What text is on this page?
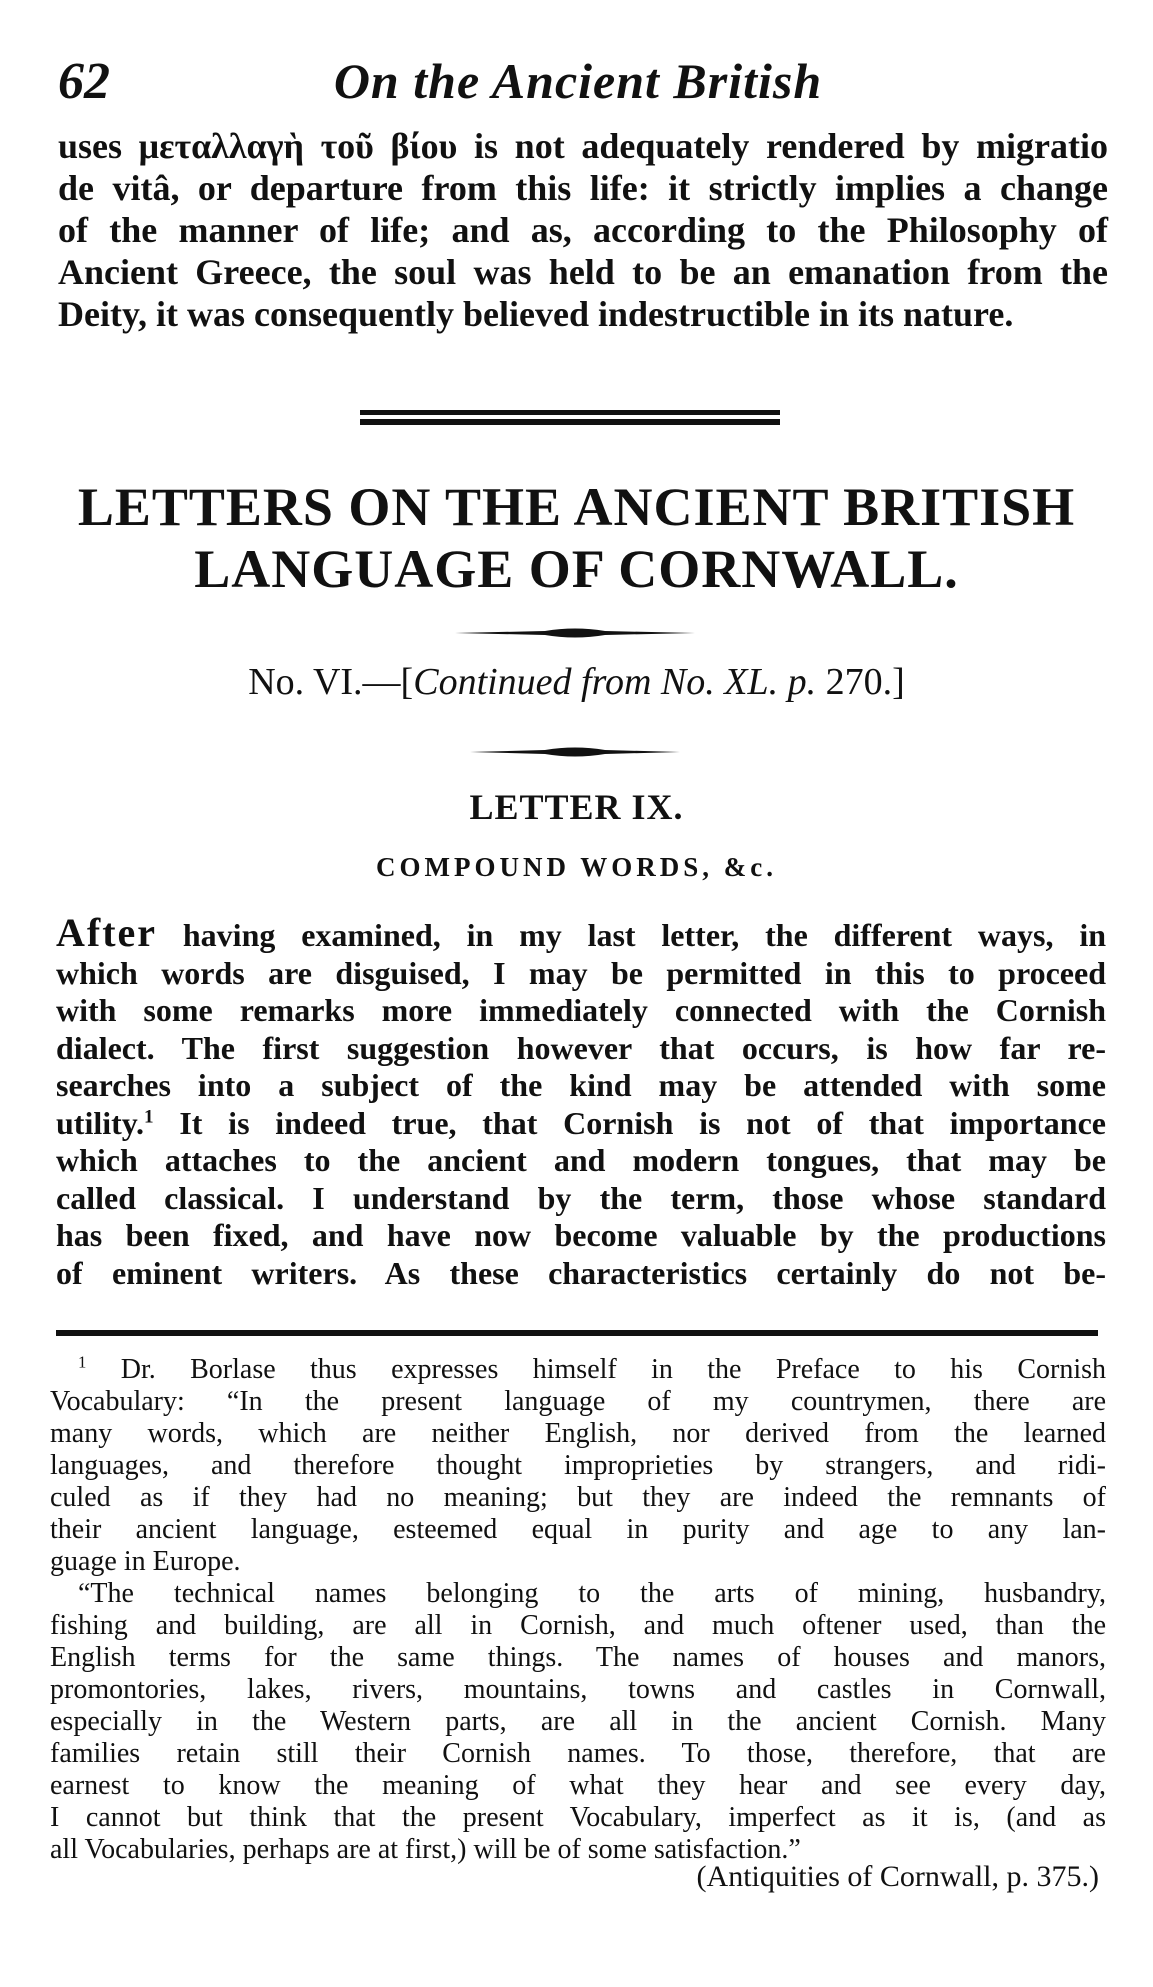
62	On the Ancient British
uses μεταλλαγὴ τοῦ βίου is not adequately rendered by migratio
de vitâ, or departure from this life: it strictly implies a change
of the manner of life; and as, according to the Philosophy of
Ancient Greece, the soul was held to be an emanation from the
Deity, it was consequently believed indestructible in its nature.
LETTERS ON THE ANCIENT BRITISH
LANGUAGE OF CORNWALL.
No. VI.—[Continued from No. XL. p. 270.]
LETTER IX.
COMPOUND WORDS, &c.
After having examined, in my last letter, the different ways, in
which words are disguised, I may be permitted in this to proceed
with some remarks more immediately connected with the Cornish
dialect. The first suggestion however that occurs, is how far re-
searches into a subject of the kind may be attended with some
utility.$^1$ It is indeed true, that Cornish is not of that importance
which attaches to the ancient and modern tongues, that may be
called classical. I understand by the term, those whose standard
has been fixed, and have now become valuable by the productions
of eminent writers. As these characteristics certainly do not be-
$^1$ Dr. Borlase thus expresses himself in the Preface to his Cornish
Vocabulary: “In the present language of my countrymen, there are
many words, which are neither English, nor derived from the learned
languages, and therefore thought improprieties by strangers, and ridi-
culed as if they had no meaning; but they are indeed the remnants of
their ancient language, esteemed equal in purity and age to any lan-
guage in Europe.
“The technical names belonging to the arts of mining, husbandry,
fishing and building, are all in Cornish, and much oftener used, than the
English terms for the same things. The names of houses and manors,
promontories, lakes, rivers, mountains, towns and castles in Cornwall,
especially in the Western parts, are all in the ancient Cornish. Many
families retain still their Cornish names. To those, therefore, that are
earnest to know the meaning of what they hear and see every day,
I cannot but think that the present Vocabulary, imperfect as it is, (and as
all Vocabularies, perhaps are at first,) will be of some satisfaction.”
(Antiquities of Cornwall, p. 375.)
